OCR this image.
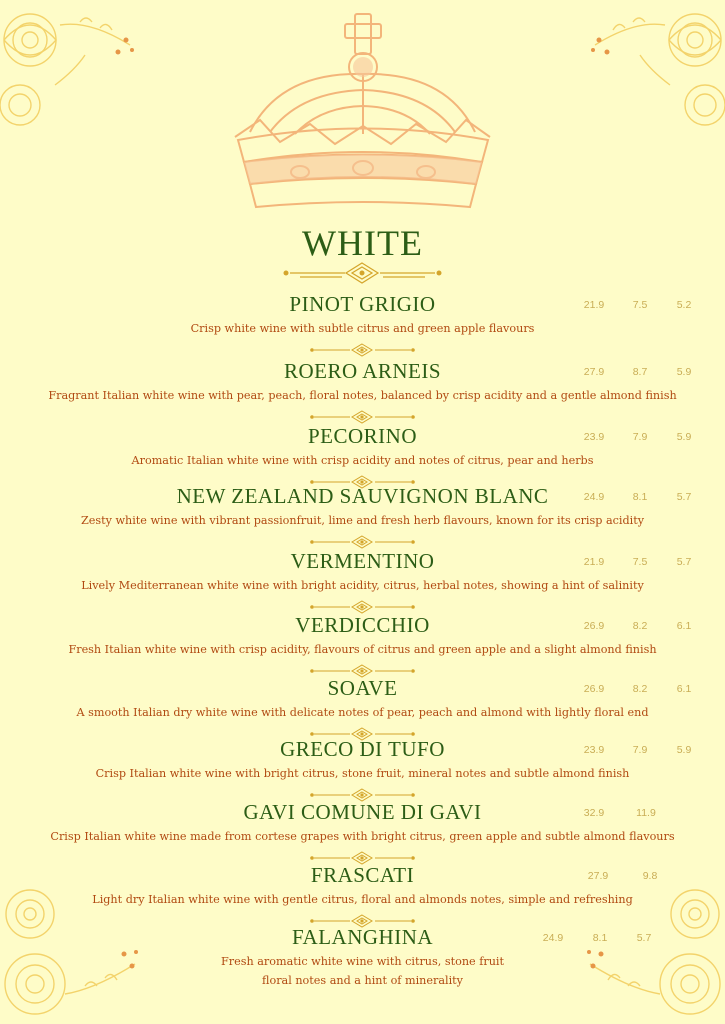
WHITE
PINOT GRIGIO
Crisp white wine with subtle citrus and green apple flavours
21.9	7.5	5.2
ROERO ARNEIS
Fragrant Italian white wine with pear, peach, floral notes, balanced by crisp acidity and a gentle almond finish
27.9	8.7	5.9
PECORINO
Aromatic Italian white wine with crisp acidity and notes of citrus, pear and herbs
23.9	7.9	5.9
NEW ZEALAND SAUVIGNON BLANC
Zesty white wine with vibrant passionfruit, lime and fresh herb flavours, known for its crisp acidity
24.9	8.1	5.7
VERMENTINO
Lively Mediterranean white wine with bright acidity, citrus, herbal notes, showing a hint of salinity
21.9	7.5	5.7
VERDICCHIO
Fresh Italian white wine with crisp acidity, flavours of citrus and green apple and a slight almond finish
26.9	8.2	6.1
SOAVE
A smooth Italian dry white wine with delicate notes of pear, peach and almond with lightly floral end
26.9	8.2	6.1
GRECO DI TUFO
Crisp Italian white wine with bright citrus, stone fruit, mineral notes and subtle almond finish
23.9	7.9	5.9
GAVI COMUNE DI GAVI
Crisp Italian white wine made from cortese grapes with bright citrus, green apple and subtle almond flavours
32.9	11.9
FRASCATI
Light dry Italian white wine with gentle citrus, floral and almonds notes, simple and refreshing
27.9	9.8
FALANGHINA
Fresh aromatic white wine with citrus, stone fruit
floral notes and a hint of minerality
24.9	8.1	5.7
